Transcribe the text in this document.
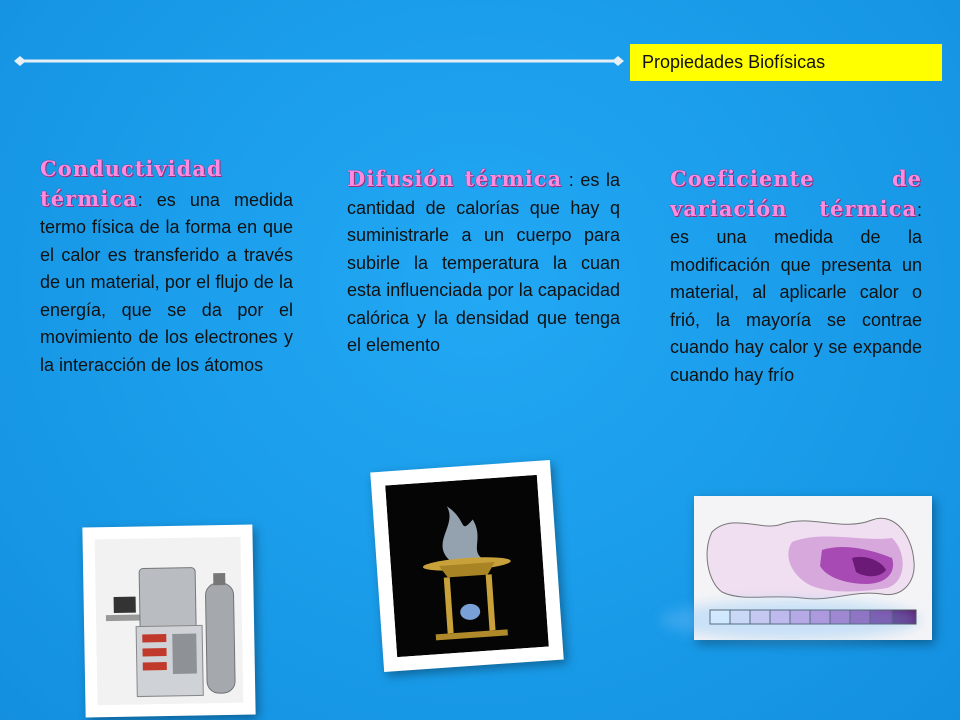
Propiedades Biofísicas
Conductividad térmica: es una medida termo física de la forma en que el calor es transferido a través de un material, por el flujo de la energía, que se da por el movimiento de los electrones y la interacción de los átomos
Difusión térmica : es la cantidad de calorías que hay q suministrarle a un cuerpo para subirle la temperatura la cuan esta influenciada por la capacidad calórica y la densidad que tenga el elemento
Coeficiente de variación térmica: es una medida de la modificación que presenta un material, al aplicarle calor o frió, la mayoría se contrae cuando hay calor y se expande cuando hay frío
